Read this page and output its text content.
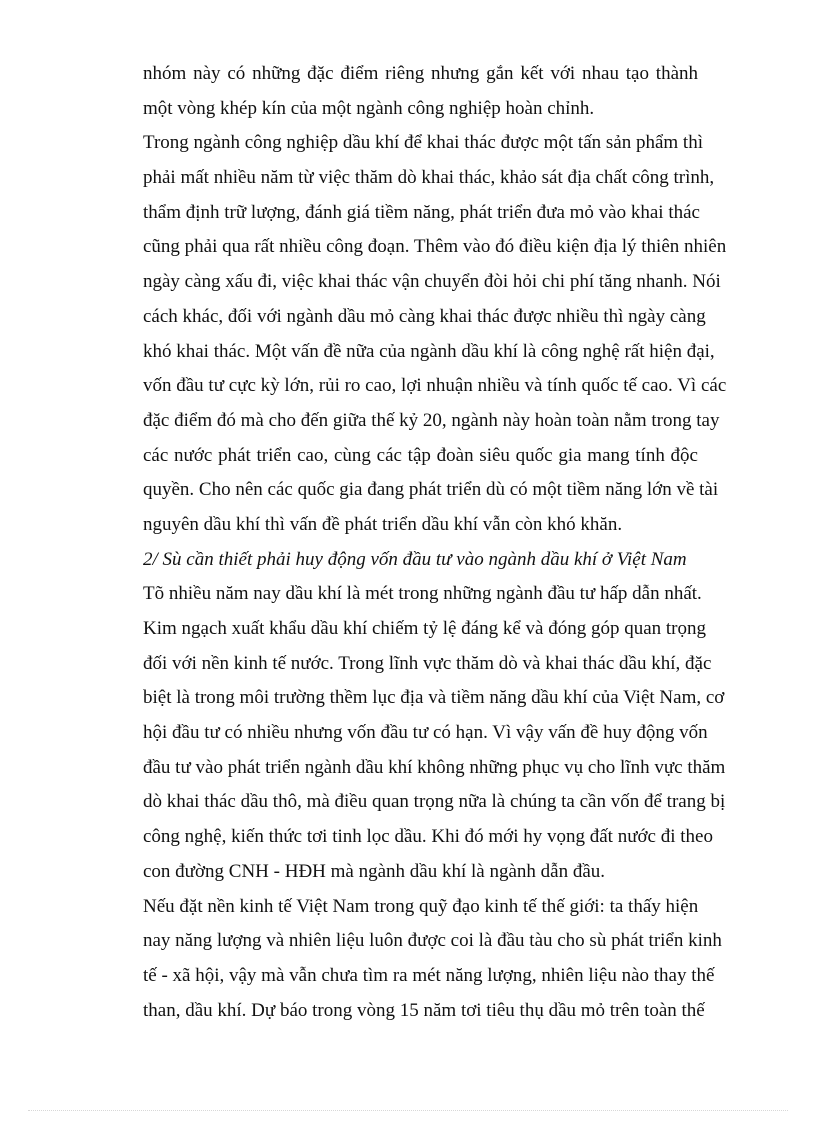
nhóm này có những đặc điểm riêng nhưng gắn kết với nhau tạo thành
một vòng khép kín của một ngành công nghiệp hoàn chỉnh.
Trong ngành công nghiệp dầu khí để khai thác được một tấn sản phẩm thì
phải mất nhiều năm từ việc thăm dò khai thác, khảo sát địa chất công trình,
thẩm định trữ lượng, đánh giá tiềm năng, phát triển đưa mỏ vào khai thác
cũng phải qua rất nhiều công đoạn. Thêm vào đó điều kiện địa lý thiên nhiên
ngày càng xấu đi, việc khai thác vận chuyển đòi hỏi chi phí tăng nhanh. Nói
cách khác, đối với ngành dầu mỏ càng khai thác được nhiều thì ngày càng
khó khai thác. Một vấn đề nữa của ngành dầu khí là công nghệ rất hiện đại,
vốn đầu tư cực kỳ lớn, rủi ro cao, lợi nhuận nhiều và tính quốc tế cao. Vì các
đặc điểm đó mà cho đến giữa thế kỷ 20, ngành này hoàn toàn nằm trong tay
các nước phát triển cao, cùng các tập đoàn siêu quốc gia mang tính độc
quyền. Cho nên các quốc gia đang phát triển dù có một tiềm năng lớn về tài
nguyên dầu khí thì vấn đề phát triển dầu khí vẫn còn khó khăn.
2/ Sù cần thiết phải huy động vốn đầu tư vào ngành dầu khí ở Việt Nam
Tõ nhiều năm nay dầu khí là mét trong những ngành đầu tư hấp dẫn nhất.
Kim ngạch xuất khẩu dầu khí chiếm tỷ lệ đáng kể và đóng góp quan trọng
đối với nền kinh tế nước. Trong lĩnh vực thăm dò và khai thác dầu khí, đặc
biệt là trong môi trường thềm lục địa và tiềm năng dầu khí của Việt Nam, cơ
hội đầu tư có nhiều nhưng vốn đầu tư có hạn. Vì vậy vấn đề huy động vốn
đầu tư vào phát triển ngành dầu khí không những phục vụ cho lĩnh vực thăm
dò khai thác dầu thô, mà điều quan trọng nữa là chúng ta cần vốn để trang bị
công nghệ, kiến thức tơi tinh lọc dầu. Khi đó mới hy vọng đất nước đi theo
con đường CNH - HĐH mà ngành dầu khí là ngành dẫn đầu.
Nếu đặt nền kinh tế Việt Nam trong quỹ đạo kinh tế thế giới: ta thấy hiện
nay năng lượng và nhiên liệu luôn được coi là đầu tàu cho sù phát triển kinh
tế - xã hội, vậy mà vẫn chưa tìm ra mét năng lượng, nhiên liệu nào thay thế
than, dầu khí. Dự báo trong vòng 15 năm tơi tiêu thụ dầu mỏ trên toàn thế
